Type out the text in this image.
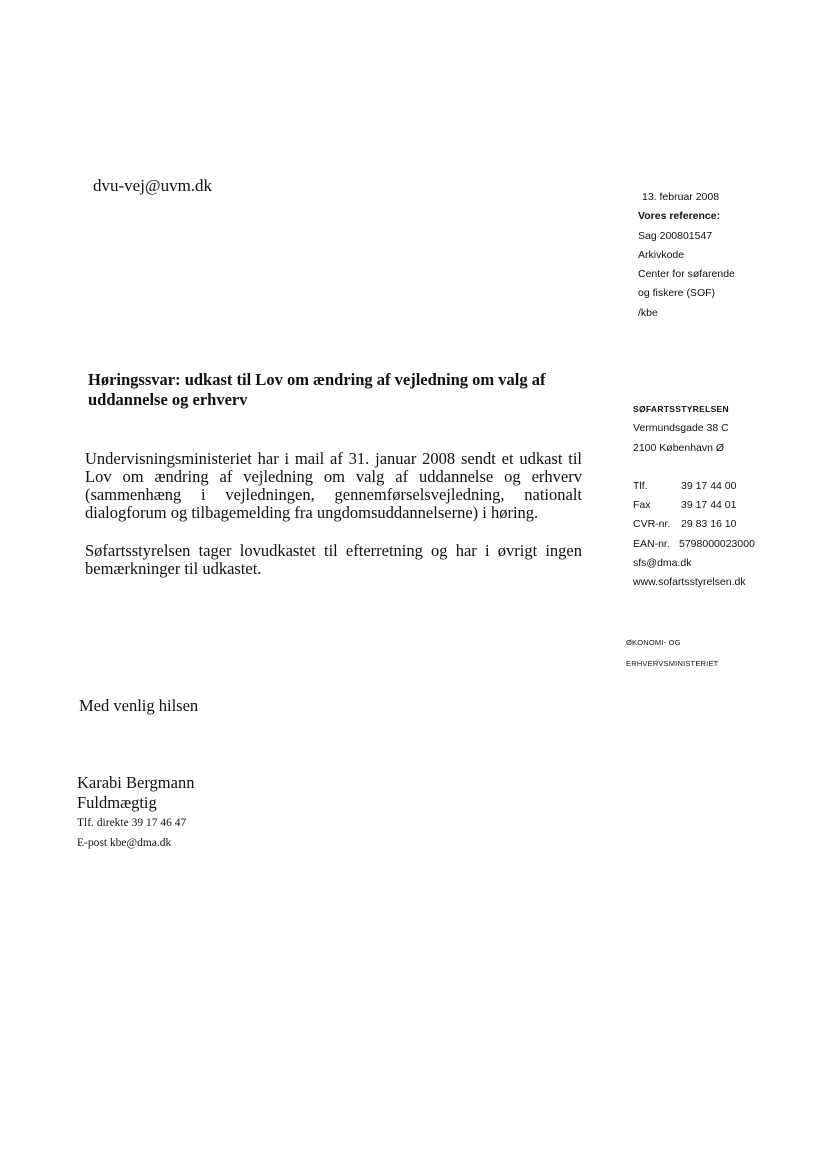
dvu-vej@uvm.dk
13. februar 2008
Vores reference:
Sag 200801547
Arkivkode
Center for søfarende
og fiskere (SOF)
/kbe
Høringssvar: udkast til Lov om ændring af vejledning om valg af
uddannelse og erhverv

Undervisningsministeriet har i mail af 31. januar 2008 sendt et udkast til Lov om ændring af vejledning om valg af uddannelse og erhverv (sammenhæng i vejledningen, gennemførselsvejledning, nationalt dialogforum og tilbagemelding fra ungdomsuddannelserne) i høring.

Søfartsstyrelsen tager lovudkastet til efterretning og har i øvrigt ingen bemærkninger til udkastet.

SØFARTSSTYRELSEN
Vermundsgade 38 C
2100 København Ø
Tlf.	39 17 44 00
Fax	39 17 44 01
CVR-nr.	29 83 16 10
EAN-nr. 5798000023000
sfs@dma.dk
www.sofartsstyrelsen.dk
ØKONOMI- OG
ERHVERVSMINISTERIET
Med venlig hilsen
Karabi Bergmann
Fuldmægtig
Tlf. direkte 39 17 46 47
E-post kbe@dma.dk
